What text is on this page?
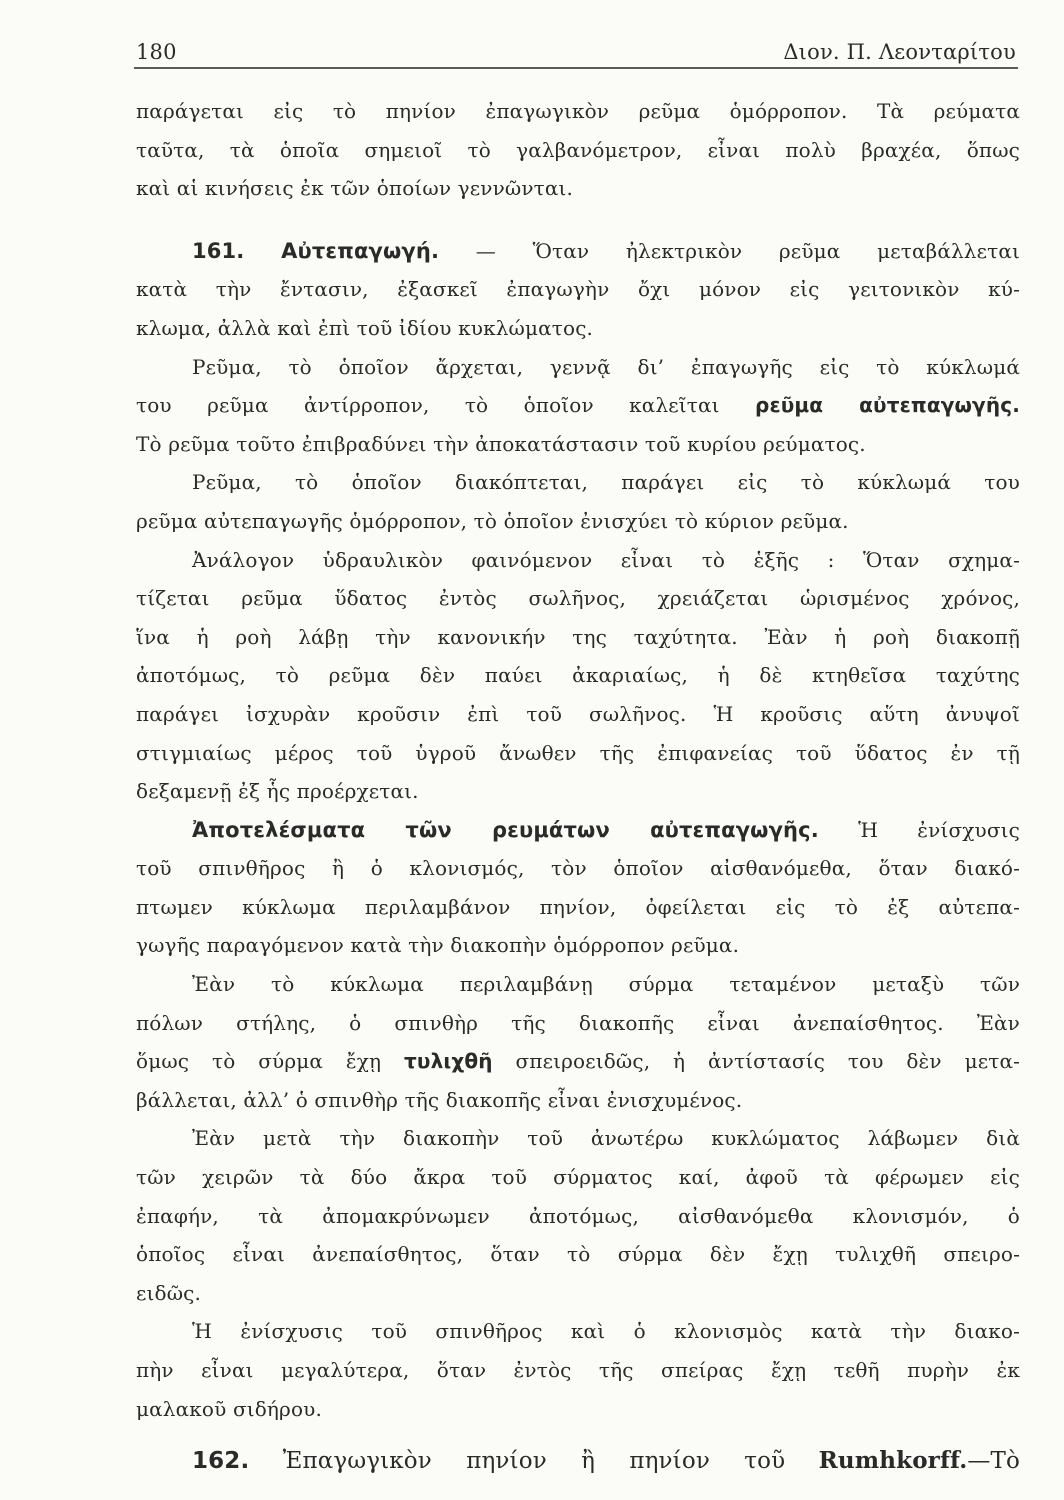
180	Διον. Π. Λεονταρίτου
παράγεται εἰς τὸ πηνίον ἐπαγωγικὸν ρεῦμα ὁμόρροπον. Τὰ ρεύματα
ταῦτα, τὰ ὁποῖα σημειοῖ τὸ γαλβανόμετρον, εἶναι πολὺ βραχέα, ὅπως
καὶ αἱ κινήσεις ἐκ τῶν ὁποίων γεννῶνται.
161. Αὐτεπαγωγή. — Ὅταν ἠλεκτρικὸν ρεῦμα μεταβάλλεται
κατὰ τὴν ἔντασιν, ἐξασκεῖ ἐπαγωγὴν ὄχι μόνον εἰς γειτονικὸν κύ-
κλωμα, ἀλλὰ καὶ ἐπὶ τοῦ ἰδίου κυκλώματος.
Ρεῦμα, τὸ ὁποῖον ἄρχεται, γεννᾷ δι’ ἐπαγωγῆς εἰς τὸ κύκλωμά
του ρεῦμα ἀντίρροπον, τὸ ὁποῖον καλεῖται ρεῦμα αὐτεπαγωγῆς.
Τὸ ρεῦμα τοῦτο ἐπιβραδύνει τὴν ἀποκατάστασιν τοῦ κυρίου ρεύματος.
Ρεῦμα, τὸ ὁποῖον διακόπτεται, παράγει εἰς τὸ κύκλωμά του
ρεῦμα αὐτεπαγωγῆς ὁμόρροπον, τὸ ὁποῖον ἐνισχύει τὸ κύριον ρεῦμα.
Ἀνάλογον ὑδραυλικὸν φαινόμενον εἶναι τὸ ἑξῆς : Ὅταν σχημα-
τίζεται ρεῦμα ὕδατος ἐντὸς σωλῆνος, χρειάζεται ὡρισμένος χρόνος,
ἵνα ἡ ροὴ λάβῃ τὴν κανονικήν της ταχύτητα. Ἐὰν ἡ ροὴ διακοπῇ
ἀποτόμως, τὸ ρεῦμα δὲν παύει ἀκαριαίως, ἡ δὲ κτηθεῖσα ταχύτης
παράγει ἰσχυρὰν κροῦσιν ἐπὶ τοῦ σωλῆνος. Ἡ κροῦσις αὕτη ἀνυψοῖ
στιγμιαίως μέρος τοῦ ὑγροῦ ἄνωθεν τῆς ἐπιφανείας τοῦ ὕδατος ἐν τῇ
δεξαμενῇ ἐξ ἧς προέρχεται.
Ἀποτελέσματα τῶν ρευμάτων αὐτεπαγωγῆς. Ἡ ἐνίσχυσις
τοῦ σπινθῆρος ἢ ὁ κλονισμός, τὸν ὁποῖον αἰσθανόμεθα, ὅταν διακό-
πτωμεν κύκλωμα περιλαμβάνον πηνίον, ὀφείλεται εἰς τὸ ἐξ αὐτεπα-
γωγῆς παραγόμενον κατὰ τὴν διακοπὴν ὁμόρροπον ρεῦμα.
Ἐὰν τὸ κύκλωμα περιλαμβάνῃ σύρμα τεταμένον μεταξὺ τῶν
πόλων στήλης, ὁ σπινθὴρ τῆς διακοπῆς εἶναι ἀνεπαίσθητος. Ἐὰν
ὅμως τὸ σύρμα ἔχῃ τυλιχθῆ σπειροειδῶς, ἡ ἀντίστασίς του δὲν μετα-
βάλλεται, ἀλλ’ ὁ σπινθὴρ τῆς διακοπῆς εἶναι ἐνισχυμένος.
Ἐὰν μετὰ τὴν διακοπὴν τοῦ ἀνωτέρω κυκλώματος λάβωμεν διὰ
τῶν χειρῶν τὰ δύο ἄκρα τοῦ σύρματος καί, ἀφοῦ τὰ φέρωμεν εἰς
ἐπαφήν, τὰ ἀπομακρύνωμεν ἀποτόμως, αἰσθανόμεθα κλονισμόν, ὁ
ὁποῖος εἶναι ἀνεπαίσθητος, ὅταν τὸ σύρμα δὲν ἔχῃ τυλιχθῆ σπειρο-
ειδῶς.
Ἡ ἐνίσχυσις τοῦ σπινθῆρος καὶ ὁ κλονισμὸς κατὰ τὴν διακο-
πὴν εἶναι μεγαλύτερα, ὅταν ἐντὸς τῆς σπείρας ἔχῃ τεθῆ πυρὴν ἐκ
μαλακοῦ σιδήρου.
162. Ἐπαγωγικὸν πηνίον ἢ πηνίον τοῦ Rumhkorff.—Τὸ
